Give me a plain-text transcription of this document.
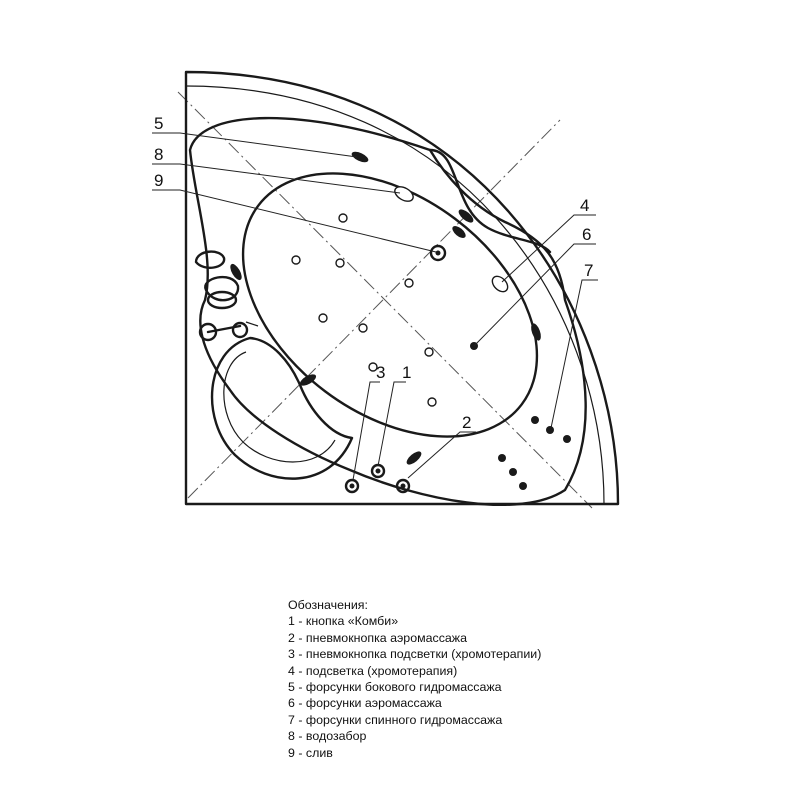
5
8
9
4
6
7
3 1
2
Обозначения:
1 - кнопка «Комби»
2 - пневмокнопка аэромассажа
3 - пневмокнопка подсветки (хромотерапии)
4 - подсветка (хромотерапия)
5 - форсунки бокового гидромассажа
6 - форсунки аэромассажа
7 - форсунки спинного гидромассажа
8 - водозабор
9 - слив
